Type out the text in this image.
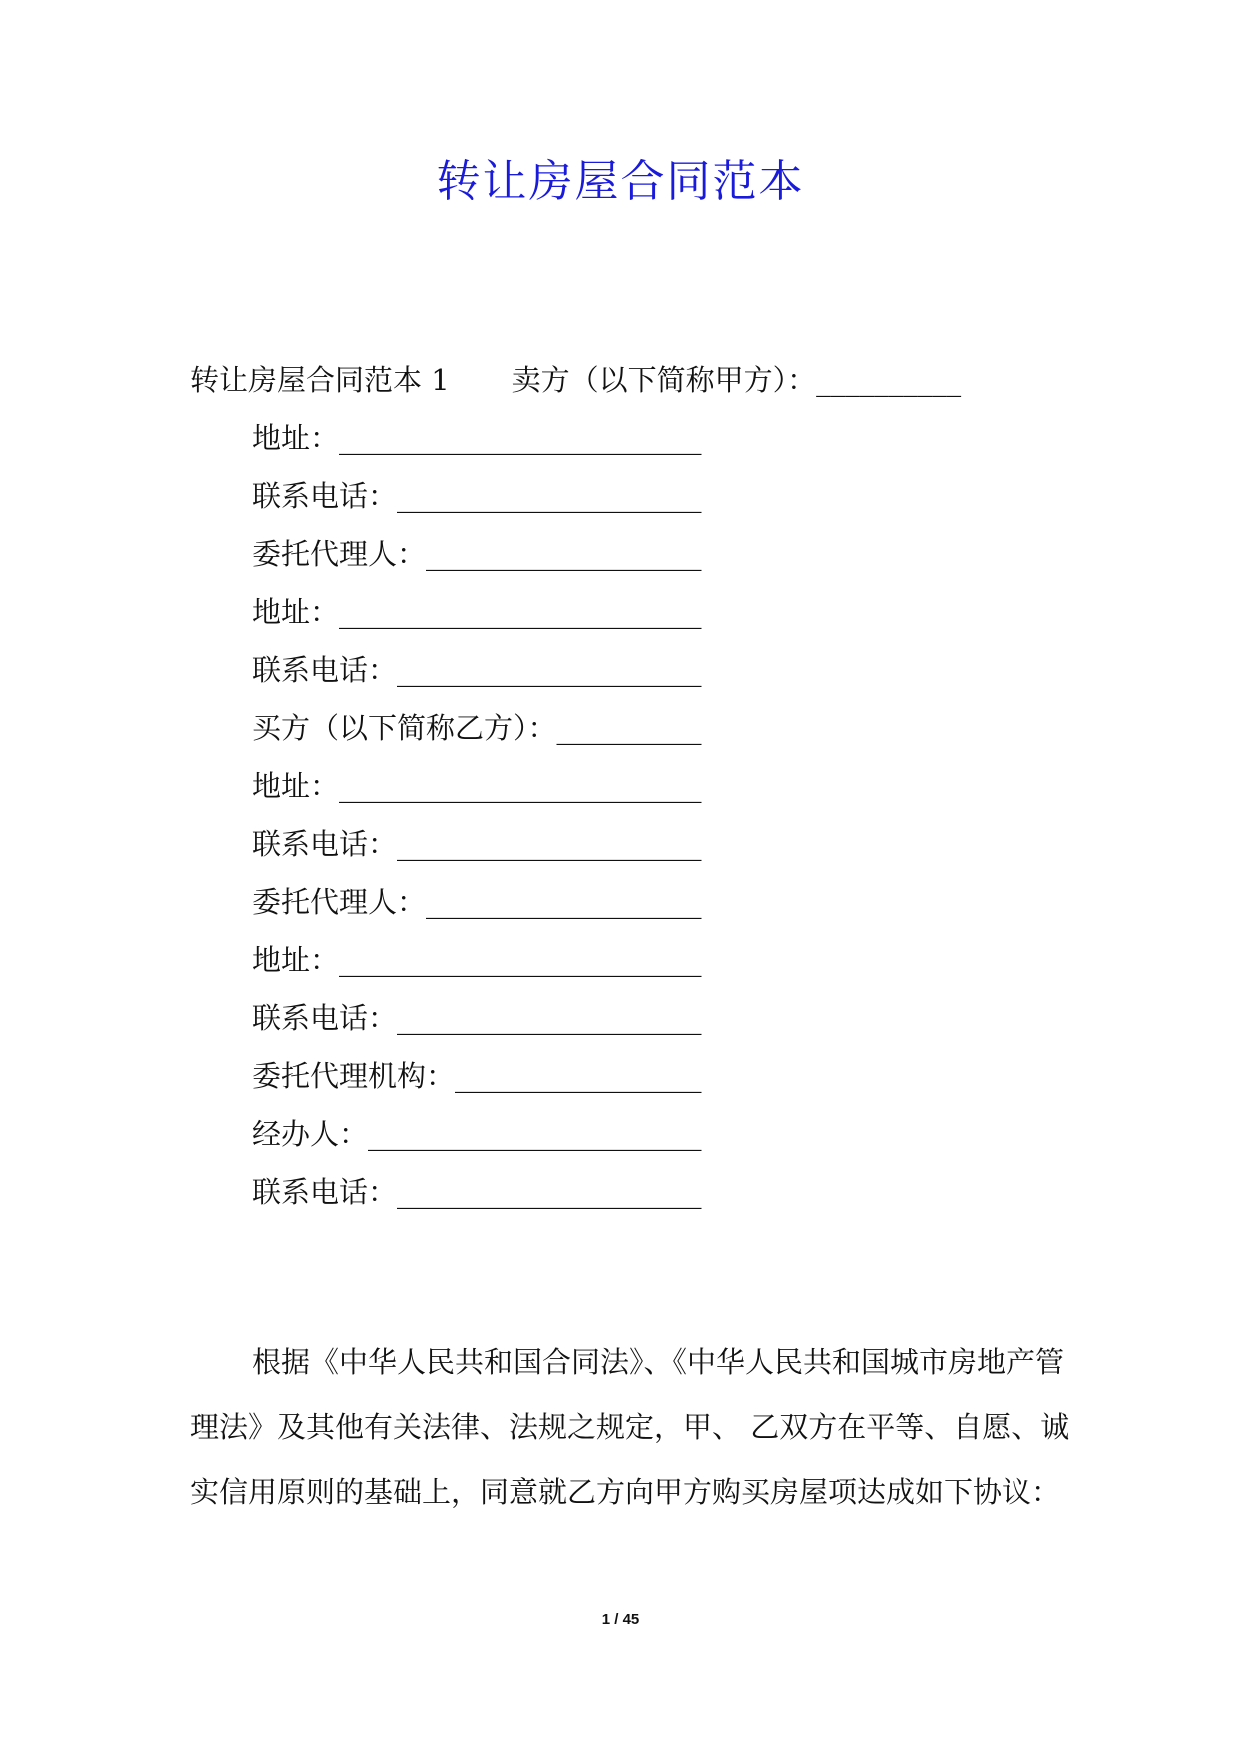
转让房屋合同范本
转让房屋合同范本 1 卖方（以下简称甲方）：__________
地址：_________________________
联系电话：_____________________
委托代理人：___________________
地址：_________________________
联系电话：_____________________
买方（以下简称乙方）：__________
地址：_________________________
联系电话：_____________________
委托代理人：___________________
地址：_________________________
联系电话：_____________________
委托代理机构：_________________
经办人：_______________________
联系电话：_____________________
根据《中华人民共和国合同法》、《中华人民共和国城市房地产管理法》及其他有关法律、法规之规定，甲、 乙双方在平等、自愿、诚实信用原则的基础上，同意就乙方向甲方购买房屋项达成如下协议：
1 / 45
